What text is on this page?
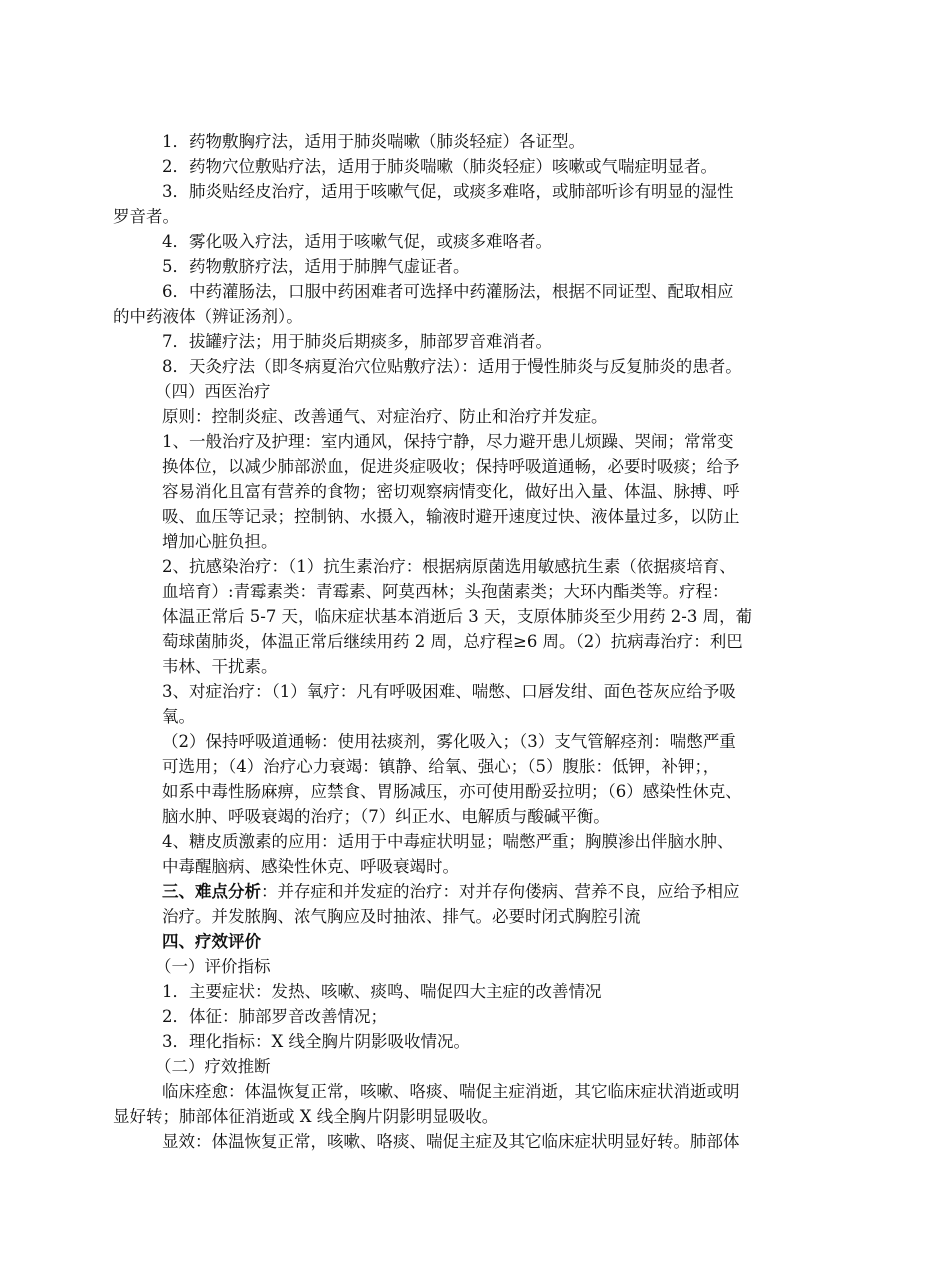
1．药物敷胸疗法，适用于肺炎喘嗽（肺炎轻症）各证型。
2．药物穴位敷贴疗法，适用于肺炎喘嗽（肺炎轻症）咳嗽或气喘症明显者。
3．肺炎贴经皮治疗，适用于咳嗽气促，或痰多难咯，或肺部听诊有明显的湿性
罗音者。
4．雾化吸入疗法，适用于咳嗽气促，或痰多难咯者。
5．药物敷脐疗法，适用于肺脾气虚证者。
6．中药灌肠法，口服中药困难者可选择中药灌肠法，根据不同证型、配取相应
的中药液体（辨证汤剂）。
7．拔罐疗法；用于肺炎后期痰多，肺部罗音难消者。
8．天灸疗法（即冬病夏治穴位贴敷疗法）：适用于慢性肺炎与反复肺炎的患者。
（四）西医治疗
原则：控制炎症、改善通气、对症治疗、防止和治疗并发症。
1、一般治疗及护理：室内通风，保持宁静，尽力避开患儿烦躁、哭闹；常常变
换体位，以减少肺部淤血，促进炎症吸收；保持呼吸道通畅，必要时吸痰；给予
容易消化且富有营养的食物；密切观察病情变化，做好出入量、体温、脉搏、呼
吸、血压等记录；控制钠、水摄入，输液时避开速度过快、液体量过多，以防止
增加心脏负担。
2、抗感染治疗：（1）抗生素治疗：根据病原菌选用敏感抗生素（依据痰培育、
血培育）:青霉素类：青霉素、阿莫西林；头孢菌素类；大环内酯类等。疗程：
体温正常后 5-7 天，临床症状基本消逝后 3 天，支原体肺炎至少用药 2-3 周，葡
萄球菌肺炎，体温正常后继续用药 2 周，总疗程≥6 周。（2）抗病毒治疗：利巴
韦林、干扰素。
3、对症治疗：（1）氧疗：凡有呼吸困难、喘憋、口唇发绀、面色苍灰应给予吸
氧。
（2）保持呼吸道通畅：使用祛痰剂，雾化吸入；（3）支气管解痉剂：喘憋严重
可选用；（4）治疗心力衰竭：镇静、给氧、强心；（5）腹胀：低钾，补钾；，
如系中毒性肠麻痹，应禁食、胃肠减压，亦可使用酚妥拉明；（6）感染性休克、
脑水肿、呼吸衰竭的治疗；（7）纠正水、电解质与酸碱平衡。
4、糖皮质激素的应用：适用于中毒症状明显；喘憋严重；胸膜渗出伴脑水肿、
中毒醒脑病、感染性休克、呼吸衰竭时。
三、难点分析：并存症和并发症的治疗：对并存佝偻病、营养不良，应给予相应
治疗。并发脓胸、浓气胸应及时抽浓、排气。必要时闭式胸腔引流
四、疗效评价
（一）评价指标
1．主要症状：发热、咳嗽、痰鸣、喘促四大主症的改善情况
2．体征：肺部罗音改善情况；
3．理化指标：X 线全胸片阴影吸收情况。
（二）疗效推断
临床痊愈：体温恢复正常，咳嗽、咯痰、喘促主症消逝，其它临床症状消逝或明
显好转；肺部体征消逝或 X 线全胸片阴影明显吸收。
显效：体温恢复正常，咳嗽、咯痰、喘促主症及其它临床症状明显好转。肺部体
